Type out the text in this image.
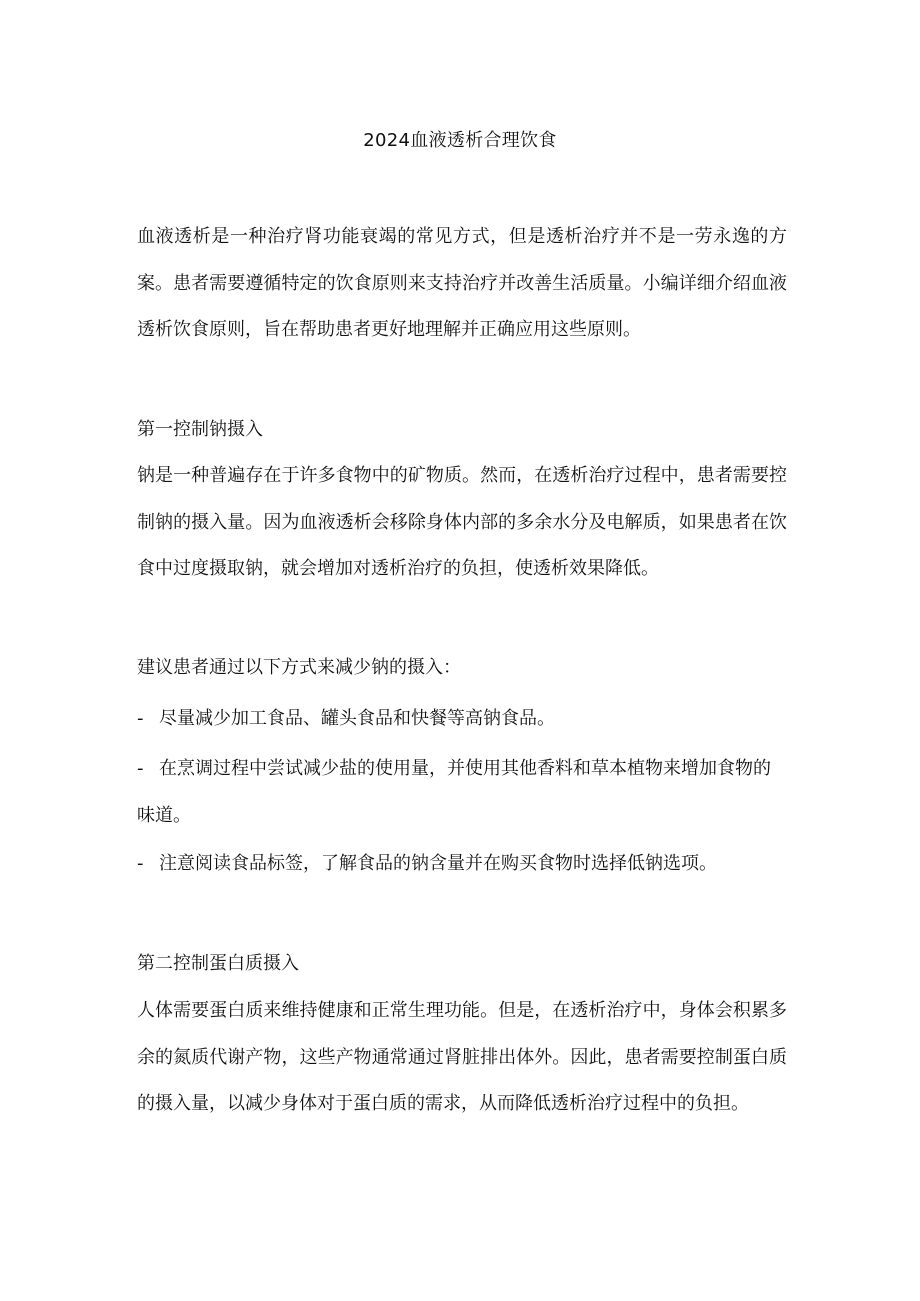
2024血液透析合理饮食

血液透析是一种治疗肾功能衰竭的常见方式，但是透析治疗并不是一劳永逸的方案。患者需要遵循特定的饮食原则来支持治疗并改善生活质量。小编详细介绍血液透析饮食原则，旨在帮助患者更好地理解并正确应用这些原则。

第一控制钠摄入

钠是一种普遍存在于许多食物中的矿物质。然而，在透析治疗过程中，患者需要控制钠的摄入量。因为血液透析会移除身体内部的多余水分及电解质，如果患者在饮食中过度摄取钠，就会增加对透析治疗的负担，使透析效果降低。

建议患者通过以下方式来减少钠的摄入：

- 尽量减少加工食品、罐头食品和快餐等高钠食品。
- 在烹调过程中尝试减少盐的使用量，并使用其他香料和草本植物来增加食物的味道。
- 注意阅读食品标签，了解食品的钠含量并在购买食物时选择低钠选项。
第二控制蛋白质摄入

人体需要蛋白质来维持健康和正常生理功能。但是，在透析治疗中，身体会积累多余的氮质代谢产物，这些产物通常通过肾脏排出体外。因此，患者需要控制蛋白质的摄入量，以减少身体对于蛋白质的需求，从而降低透析治疗过程中的负担。
